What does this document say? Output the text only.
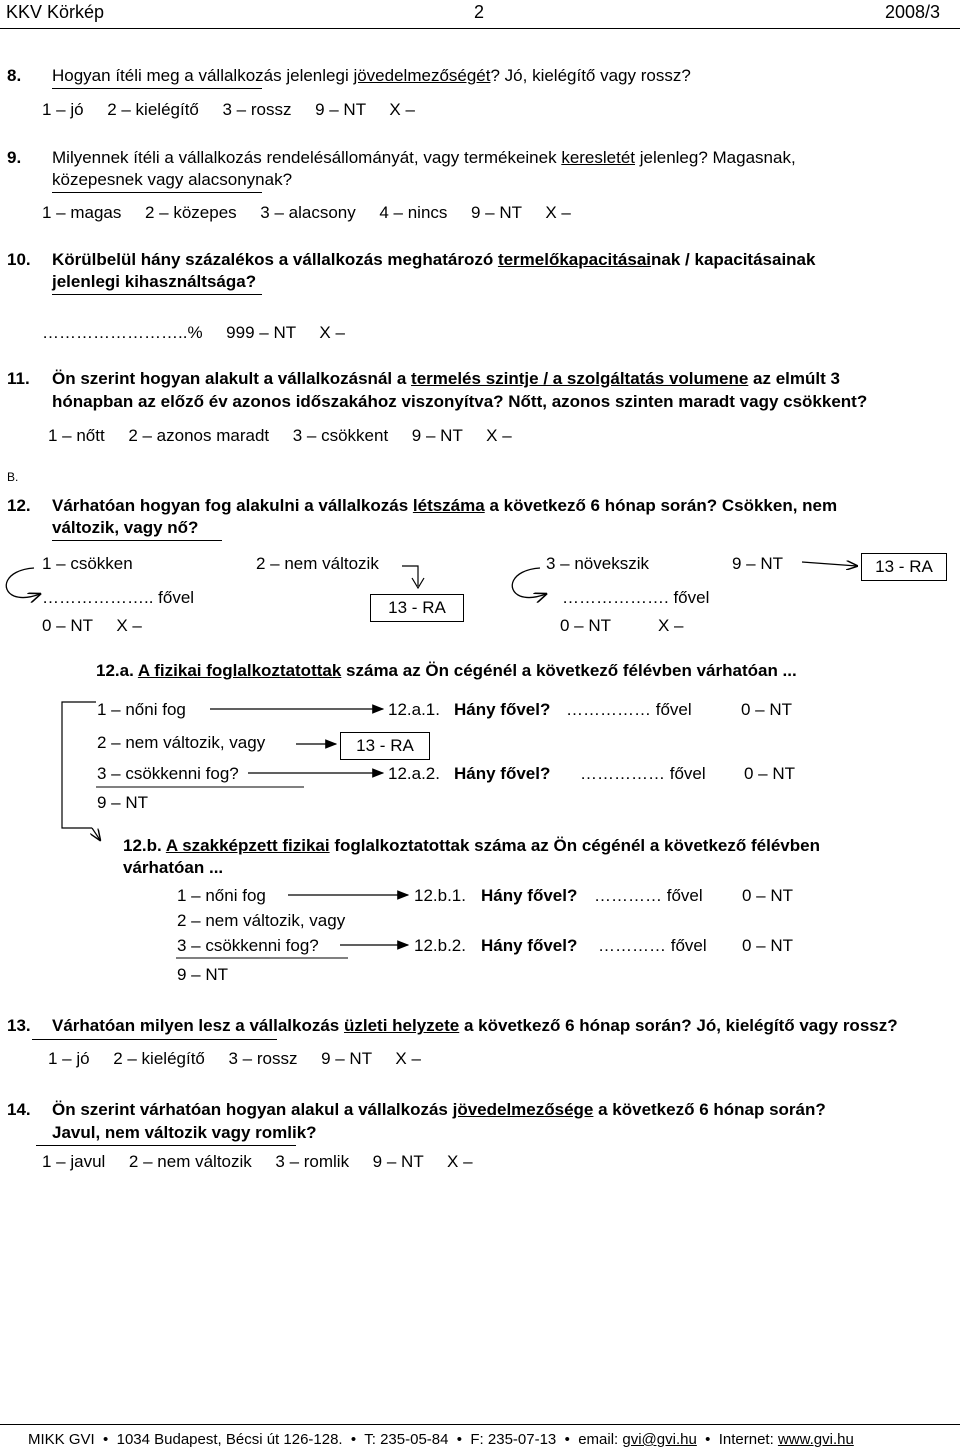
KKV Körkép	2	2008/3
8. Hogyan ítéli meg a vállalkozás jelenlegi jövedelmezőségét? Jó, kielégítő vagy rossz?
1 – jó     2 – kielégítő     3 – rossz     9 – NT     X –
9. Milyennek ítéli a vállalkozás rendelésállományát, vagy termékeinek keresletét jelenleg? Magasnak,
közepesnek vagy alacsonynak?
1 – magas     2 – közepes     3 – alacsony     4 – nincs     9 – NT     X –
10. Körülbelül hány százalékos a vállalkozás meghatározó termelőkapacitásainak / kapacitásainak
jelenlegi kihasználtsága?
……………………..%     999 – NT     X –
11. Ön szerint hogyan alakult a vállalkozásnál a termelés szintje / a szolgáltatás volumene az elmúlt 3
hónapban az előző év azonos időszakához viszonyítva? Nőtt, azonos szinten maradt vagy csökkent?
1 – nőtt     2 – azonos maradt     3 – csökkent     9 – NT     X –
B.
12. Várhatóan hogyan fog alakulni a vállalkozás létszáma a következő 6 hónap során? Csökken, nem
változik, vagy nő?
1 – csökken	2 – nem változik	3 – növekszik	9 – NT	13 - RA
……………….. fővel
13 - RA
………………. fővel
0 – NT     X –	0 – NT          X –
12.a. A fizikai foglalkoztatottak száma az Ön cégénél a következő félévben várhatóan ...
1 – nőni fog
2 – nem változik, vagy
3 – csökkenni fog?
9 – NT
12.a.1. Hány fővel? …………… fővel	0 – NT
13 - RA
12.a.2. Hány fővel? …………… fővel 0 – NT
12.b. A szakképzett fizikai foglalkoztatottak száma az Ön cégénél a következő félévben
várhatóan ...
1 – nőni fog
2 – nem változik, vagy
3 – csökkenni fog?
9 – NT
12.b.1. Hány fővel? ………… fővel 0 – NT
12.b.2. Hány fővel? ………… fővel 0 – NT
13. Várhatóan milyen lesz a vállalkozás üzleti helyzete a következő 6 hónap során? Jó, kielégítő vagy rossz?
1 – jó     2 – kielégítő     3 – rossz     9 – NT     X –
14. Ön szerint várhatóan hogyan alakul a vállalkozás jövedelmezősége a következő 6 hónap során?
Javul, nem változik vagy romlik?
1 – javul     2 – nem változik     3 – romlik     9 – NT     X –
MIKK GVI  •  1034 Budapest, Bécsi út 126-128.  •  T: 235-05-84  •  F: 235-07-13  •  email: gvi@gvi.hu  •  Internet: www.gvi.hu
